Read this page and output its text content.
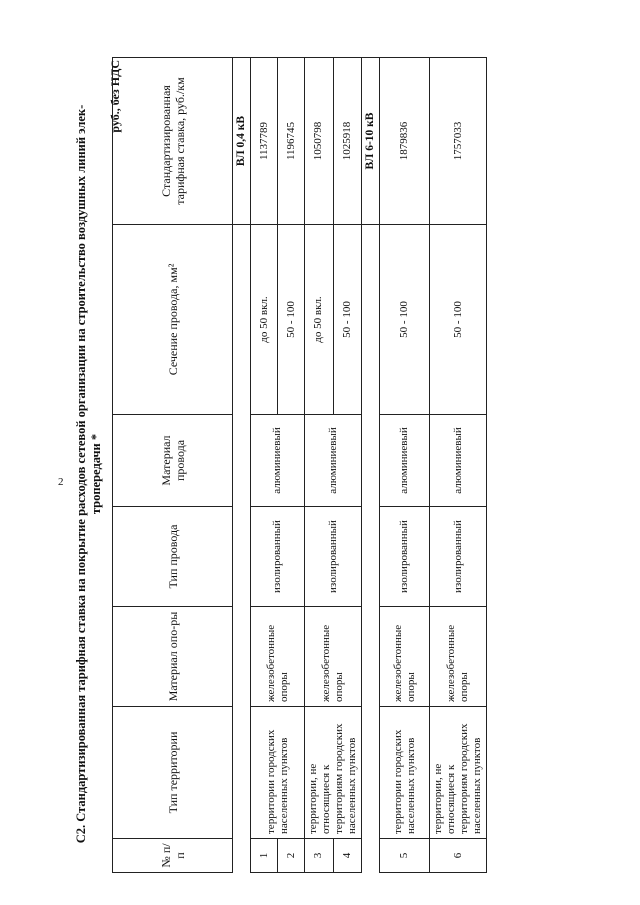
2 С2. Стандартизированная тарифная ставка на покрытие расходов сетевой организации на строительство воздушных линий элек- тропередачи *
руб., без НДС
№ п/п	Тип территории	Материал опо-ры	Тип провода	Материал провода	Сечение провода, мм²	Стандартизированная тарифная ставка, руб./км
						ВЛ 0,4 кВ
1	территории городских населенных пунктов	железобетонные опоры	изолированный	алюминиевый	до 50 вкл.	1137789
2					50 - 100	1196745
3	территории, не относящиеся к территориям городских населенных пунктов	железобетонные опоры	изолированный	алюминиевый	до 50 вкл.	1050798
4					50 - 100	1025918
						ВЛ 6-10 кВ
5	территории городских населенных пунктов	железобетонные опоры	изолированный	алюминиевый	50 - 100	1879836
6	территории, не относящиеся к территориям городских населенных пунктов	железобетонные опоры	изолированный	алюминиевый	50 - 100	1757033
